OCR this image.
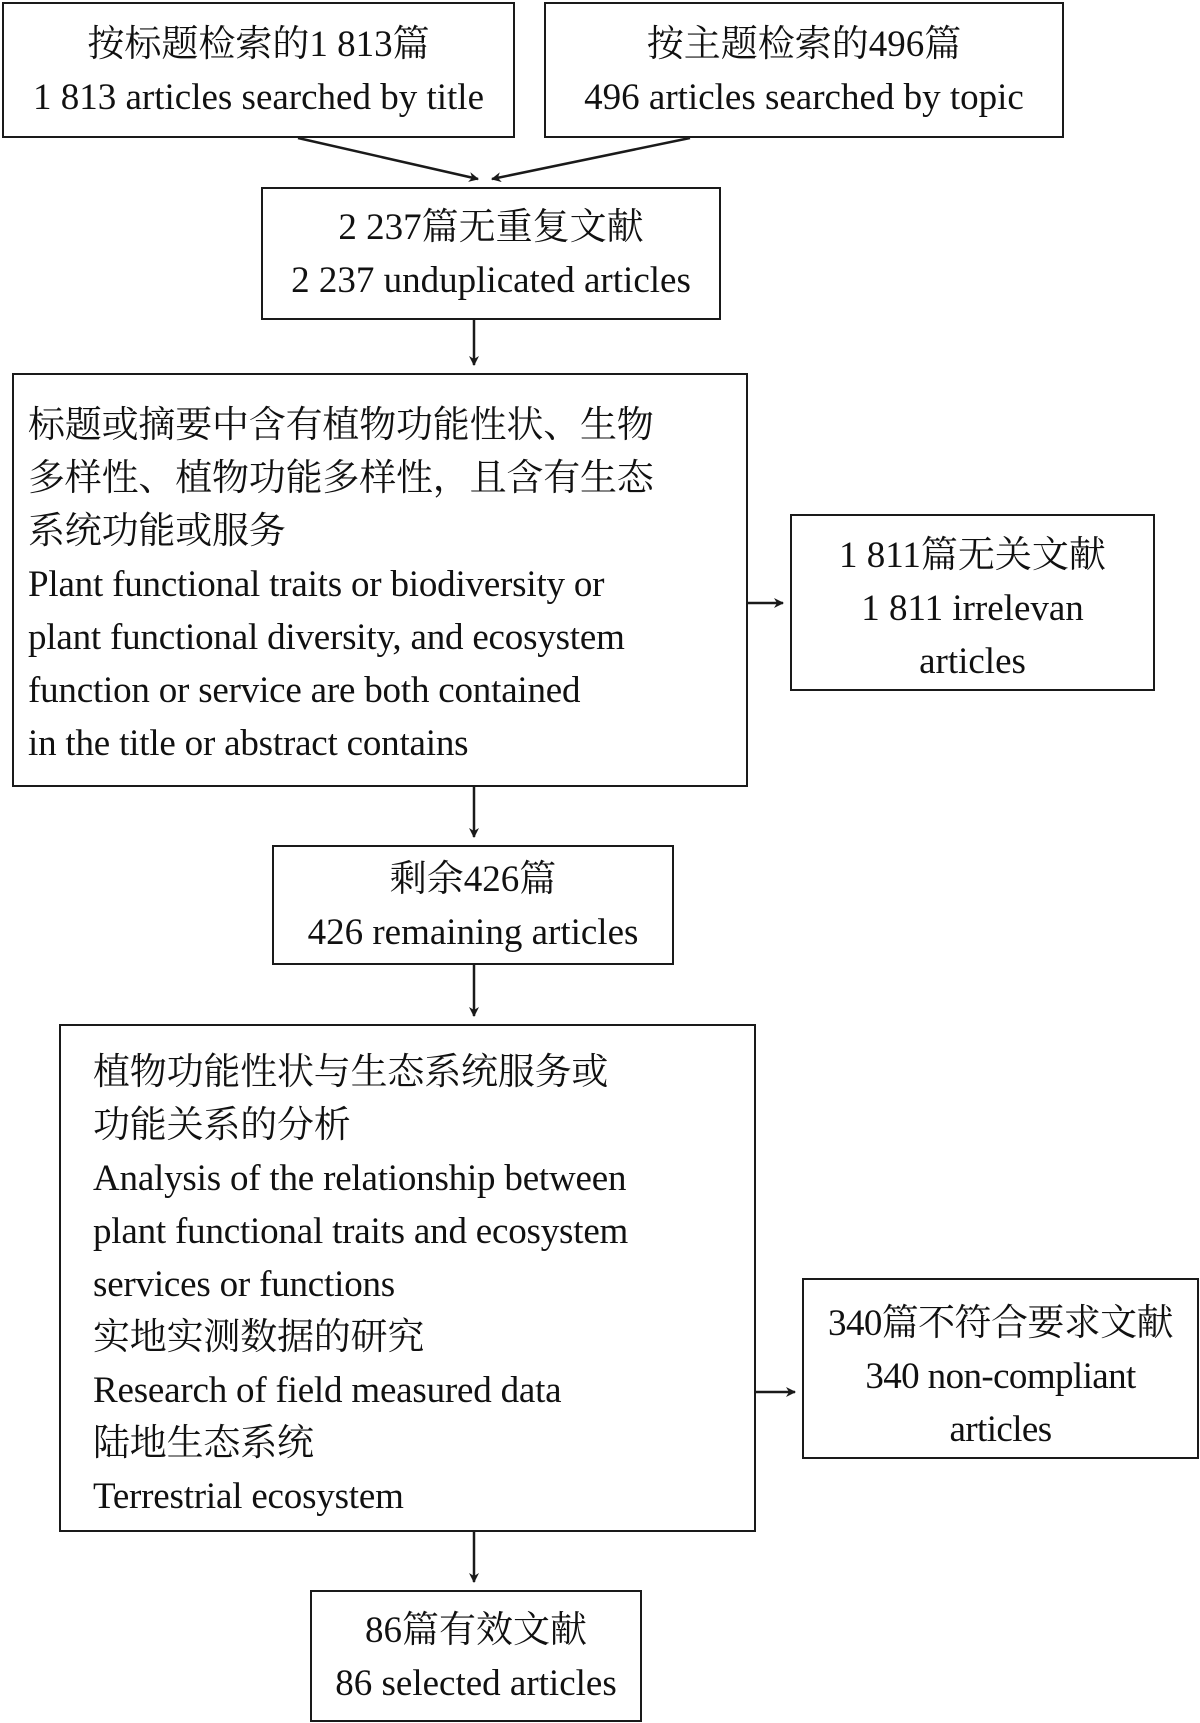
按标题检索的1 813篇
1 813 articles searched by title
按主题检索的496篇
496 articles searched by topic
2 237篇无重复文献
2 237 unduplicated articles
标题或摘要中含有植物功能性状、生物
多样性、植物功能多样性，且含有生态
系统功能或服务
Plant functional traits or biodiversity or
plant functional diversity, and ecosystem
function or service are both contained
in the title or abstract contains
1 811篇无关文献
1 811 irrelevan
articles
剩余426篇
426 remaining articles
植物功能性状与生态系统服务或
功能关系的分析
Analysis of the relationship between
plant functional traits and ecosystem
services or functions
实地实测数据的研究
Research of field measured data
陆地生态系统
Terrestrial ecosystem
340篇不符合要求文献
340 non-compliant
articles
86篇有效文献
86 selected articles
